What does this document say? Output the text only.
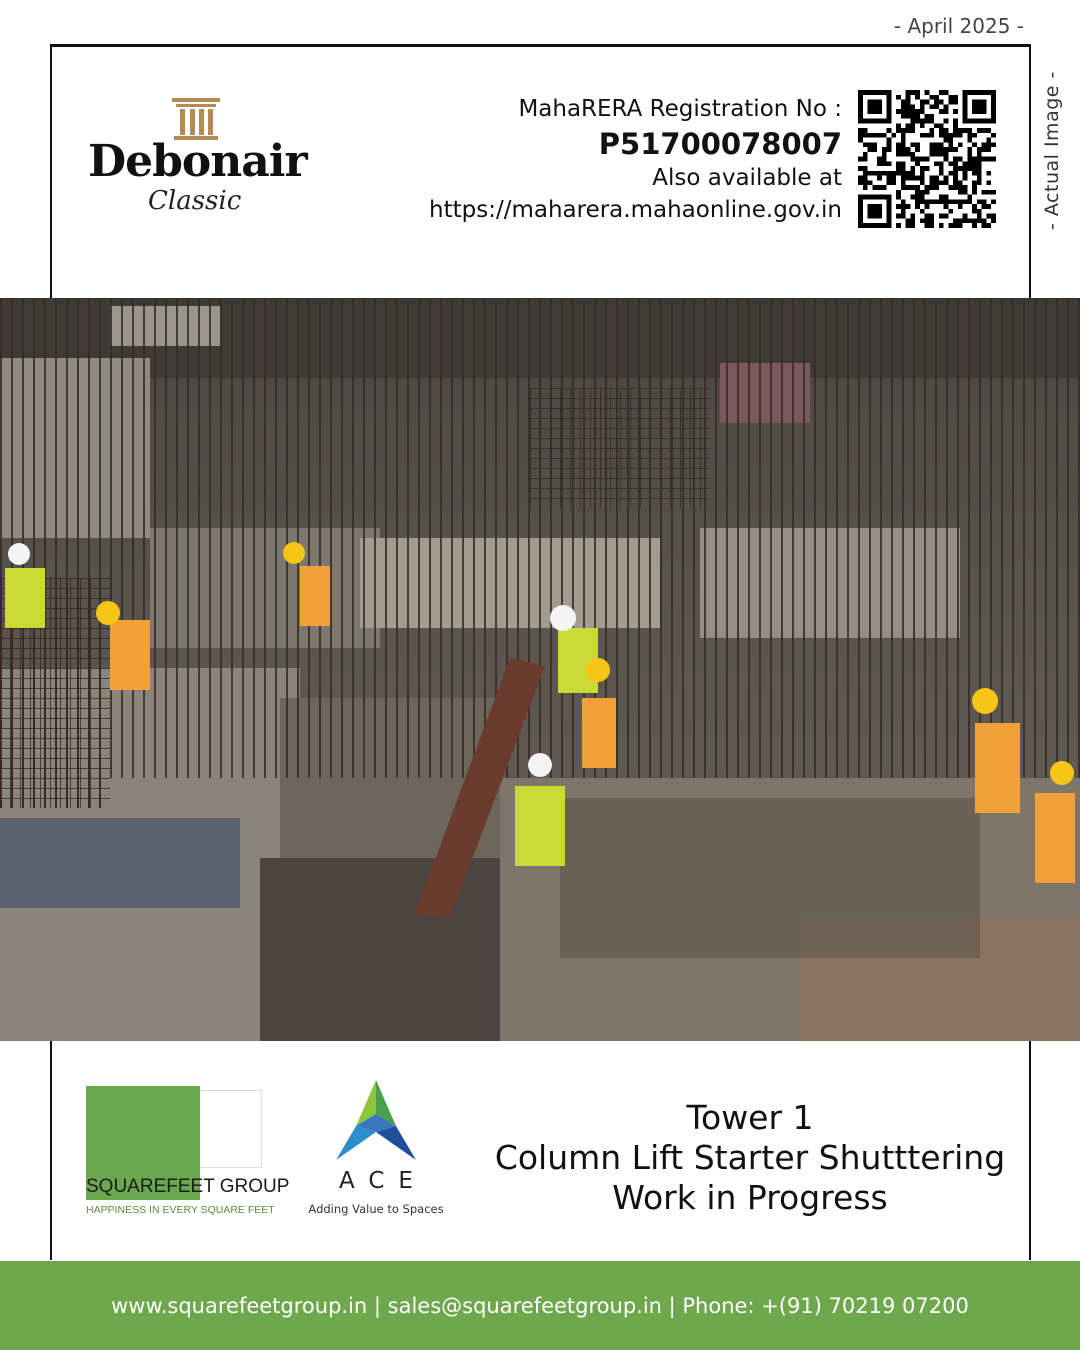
- April 2025 -
- Actual Image -
Debonair
Classic
MahaRERA Registration No :
P51700078007
Also available at
https://maharera.mahaonline.gov.in
SQUAREFEET GROUP
HAPPINESS IN EVERY SQUARE FEET
ACE
Adding Value to Spaces
Tower 1
Column Lift Starter Shutttering
Work in Progress
www.squarefeetgroup.in | sales@squarefeetgroup.in | Phone: +(91) 70219 07200
